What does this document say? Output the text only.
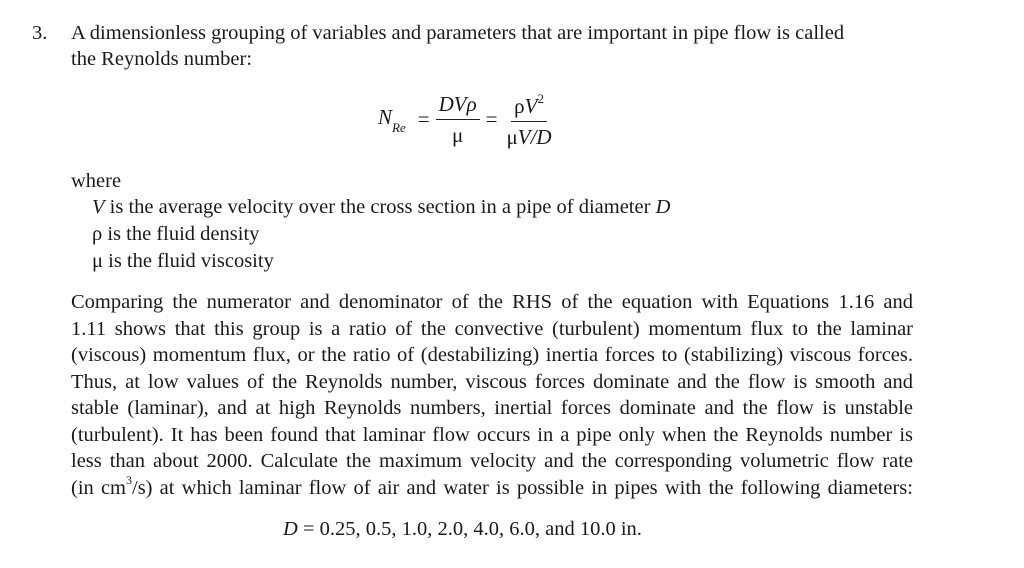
3. A dimensionless grouping of variables and parameters that are important in pipe flow is called
the Reynolds number:
$N_{Re} = \frac{\text{DVρ}}{\mu} = \frac{\rho V^2}{\mu V/D}$
where
V is the average velocity over the cross section in a pipe of diameter D
ρ is the fluid density
μ is the fluid viscosity
Comparing the numerator and denominator of the RHS of the equation with Equations 1.16 and
1.11 shows that this group is a ratio of the convective (turbulent) momentum flux to the laminar
(viscous) momentum flux, or the ratio of (destabilizing) inertia forces to (stabilizing) viscous forces.
Thus, at low values of the Reynolds number, viscous forces dominate and the flow is smooth and
stable (laminar), and at high Reynolds numbers, inertial forces dominate and the flow is unstable
(turbulent). It has been found that laminar flow occurs in a pipe only when the Reynolds number is
less than about 2000. Calculate the maximum velocity and the corresponding volumetric flow rate
(in $cm^3/s$) at which laminar flow of air and water is possible in pipes with the following diameters:
D = 0.25, 0.5, 1.0, 2.0, 4.0, 6.0, and 10.0 in.
